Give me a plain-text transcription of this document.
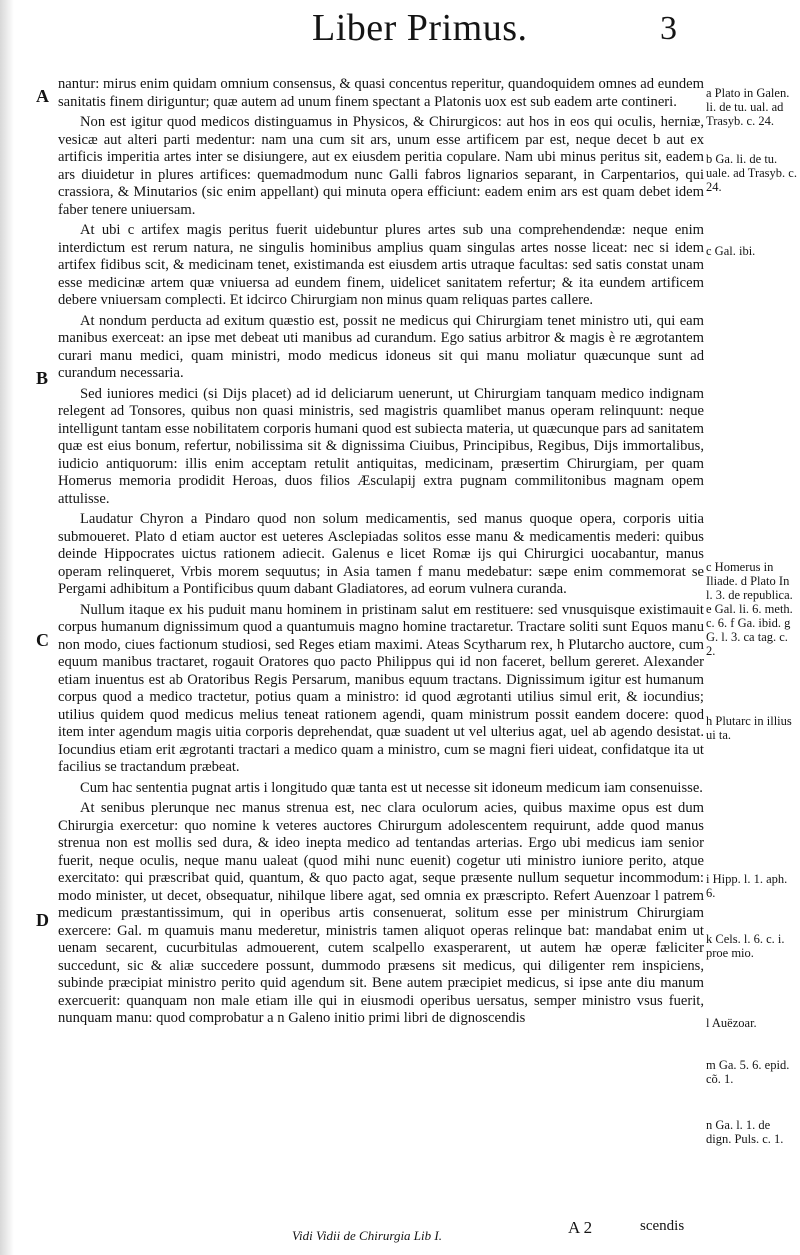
Liber Primus.	3
A
B
C
D

nantur: mirus enim quidam omnium consensus, & quasi concentus reperitur, quandoquidem omnes ad eundem sanitatis finem diriguntur; quæ autem ad unum finem spectant a Platonis uox est sub eadem arte contineri.

Non est igitur quod medicos distinguamus in Physicos, & Chirurgicos: aut hos in eos qui oculis, herniæ, vesicæ aut alteri parti medentur: nam una cum sit ars, unum esse artificem par est, neque decet b aut ex artificis imperitia artes inter se disiungere, aut ex eiusdem peritia copulare. Nam ubi minus peritus sit, eadem ars diuidetur in plures artifices: quemadmodum nunc Galli fabros lignarios separant, in Carpentarios, qui crassiora, & Minutarios (sic enim appellant) qui minuta opera efficiunt: eadem enim ars est quam debet idem faber tenere uniuersam.

At ubi c artifex magis peritus fuerit uidebuntur plures artes sub una comprehendendæ: neque enim interdictum est rerum natura, ne singulis hominibus amplius quam singulas artes nosse liceat: nec si idem artifex fidibus scit, & medicinam tenet, existimanda est eiusdem artis utraque facultas: sed satis constat unam esse medicinæ artem quæ vniuersa ad eundem finem, uidelicet sanitatem refertur; & ita eundem artificem debere vniuersam complecti. Et idcirco Chirurgiam non minus quam reliquas partes callere.

At nondum perducta ad exitum quæstio est, possit ne medicus qui Chirurgiam tenet ministro uti, qui eam manibus exerceat: an ipse met debeat uti manibus ad curandum. Ego satius arbitror & magis è re ægrotantem curari manu medici, quam ministri, modo medicus idoneus sit qui manu moliatur quæcunque sunt ad curandum necessaria.

Sed iuniores medici (si Dijs placet) ad id deliciarum uenerunt, ut Chirurgiam tanquam medico indignam relegent ad Tonsores, quibus non quasi ministris, sed magistris quamlibet manus operam relinquunt: neque intelligunt tantam esse nobilitatem corporis humani quod est subiecta materia, ut quæcunque pars ad sanitatem quæ est eius bonum, refertur, nobilissima sit & dignissima Ciuibus, Principibus, Regibus, Dijs immortalibus, iudicio antiquorum: illis enim acceptam retulit antiquitas, medicinam, præsertim Chirurgiam, per quam Homerus memoria prodidit Heroas, duos filios Æsculapij extra pugnam commilitonibus magnam opem attulisse.

Laudatur Chyron a Pindaro quod non solum medicamentis, sed manus quoque opera, corporis uitia submoueret. Plato d etiam auctor est ueteres Asclepiadas solitos esse manu & medicamentis mederi: quibus deinde Hippocrates uictus rationem adiecit. Galenus e licet Romæ ijs qui Chirurgici uocabantur, manus operam relinqueret, Vrbis morem sequutus; in Asia tamen f manu medebatur: sæpe enim commemorat se Pergami adhibitum a Pontificibus quum dabant Gladiatores, ad eorum vulnera curanda.

Nullum itaque ex his puduit manu hominem in pristinam salut em restituere: sed vnusquisque existimauit corpus humanum dignissimum quod a quantumuis magno homine tractaretur. Tractare soliti sunt Equos manu non modo, ciues factionum studiosi, sed Reges etiam maximi. Ateas Scytharum rex, h Plutarcho auctore, cum equum manibus tractaret, rogauit Oratores quo pacto Philippus qui id non faceret, bellum gereret. Alexander etiam inuentus est ab Oratoribus Regis Persarum, manibus equum tractans. Dignissimum igitur est humanum corpus quod a medico tractetur, potius quam a ministro: id quod ægrotanti utilius simul erit, & iocundius; utilius quidem quod medicus melius teneat rationem agendi, quam ministrum possit eandem docere: quod item inter agendum magis uitia corporis deprehendat, quæ suadent ut vel ulterius agat, uel ab agendo desistat. Iocundius etiam erit ægrotanti tractari a medico quam a ministro, cum se magni fieri uideat, confidatque ita ut facilius se tractandum præbeat.

Cum hac sententia pugnat artis i longitudo quæ tanta est ut necesse sit idoneum medicum iam consenuisse.

At senibus plerunque nec manus strenua est, nec clara oculorum acies, quibus maxime opus est dum Chirurgia exercetur: quo nomine k veteres auctores Chirurgum adolescentem requirunt, adde quod manus strenua non est mollis sed dura, & ideo inepta medico ad tentandas arterias. Ergo ubi medicus iam senior fuerit, neque oculis, neque manu ualeat (quod mihi nunc euenit) cogetur uti ministro iuniore perito, atque exercitato: qui præscribat quid, quantum, & quo pacto agat, seque præsente nullum sequetur incommodum: modo minister, ut decet, obsequatur, nihilque libere agat, sed omnia ex præscripto. Refert Auenzoar l patrem medicum præstantissimum, qui in operibus artis consenuerat, solitum esse per ministrum Chirurgiam exercere: Gal. m quamuis manu mederetur, ministris tamen aliquot operas relinque bat: mandabat enim ut uenam secarent, cucurbitulas admouerent, cutem scalpello exasperarent, ut autem hæ operæ fæliciter succedunt, sic & aliæ succedere possunt, dummodo præsens sit medicus, qui diligenter rem inspiciens, subinde præcipiat ministro perito quid agendum sit. Bene autem præcipiet medicus, si ipse ante diu manum exercuerit: quanquam non male etiam ille qui in eiusmodi operibus uersatus, semper ministro vsus fuerit, nunquam manu: quod comprobatur a n Galeno initio primi libri de dignoscendis

a Plato in Galen. li. de tu. ual. ad Trasyb. c. 24.
b Ga. li. de tu. uale. ad Trasyb. c. 24.
c Gal. ibi.
c Homerus in Iliade. d Plato In l. 3. de republica. e Gal. li. 6. meth. c. 6. f Ga. ibid. g G. l. 3. ca tag. c. 2.
h Plutarc in illius ui ta.
i Hipp. l. 1. aph. 6.
k Cels. l. 6. c. i. proe mio.
l Auëzoar.
m Ga. 5. 6. epid. cõ. 1.
n Ga. l. 1. de dign. Puls. c. 1.
Vidi Vidii de Chirurgia Lib I.	A 2	scendis
